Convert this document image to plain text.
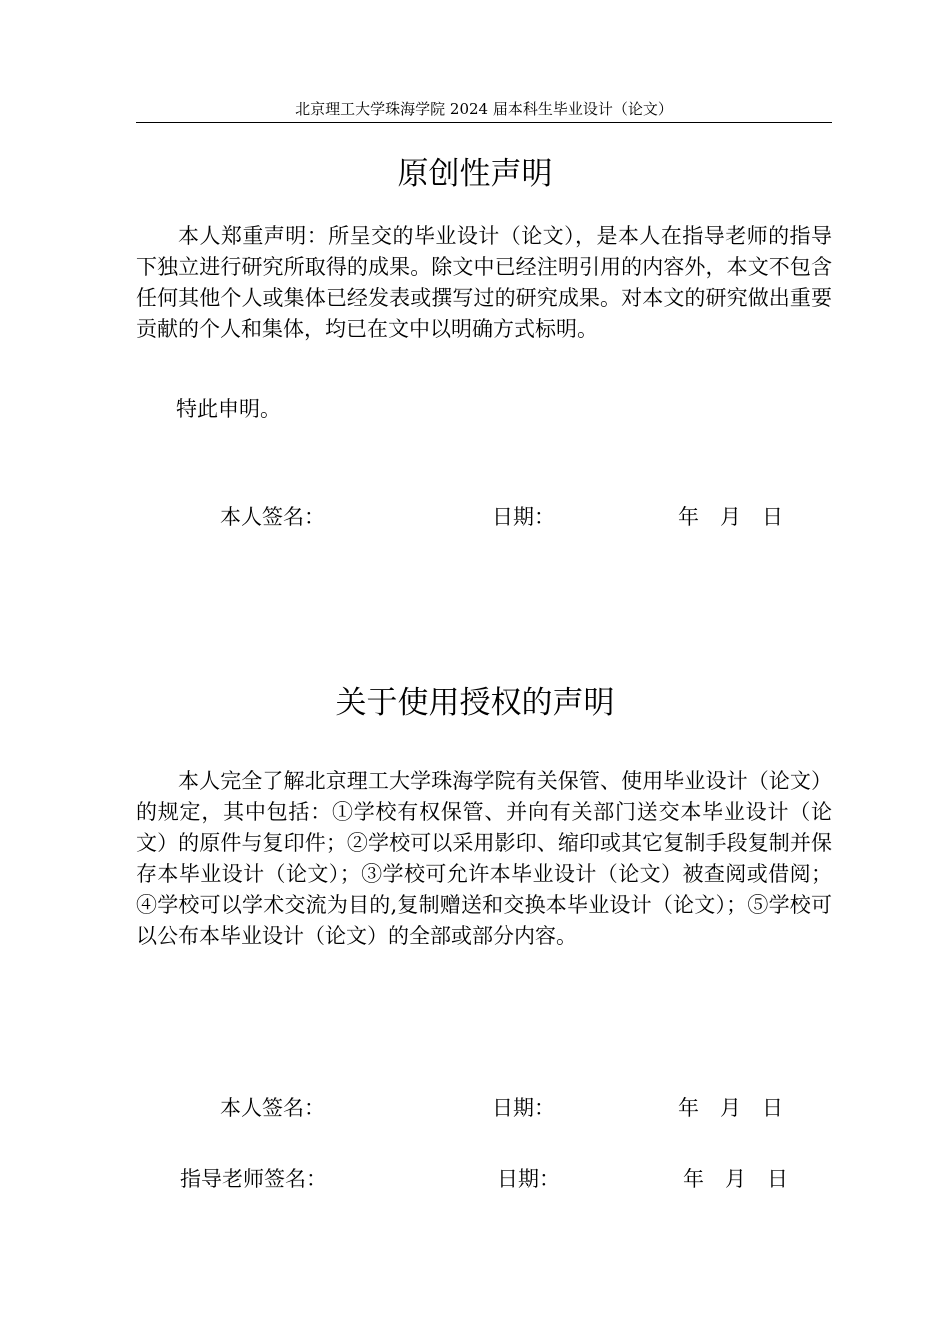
北京理工大学珠海学院 2024 届本科生毕业设计（论文）
原创性声明

本人郑重声明：所呈交的毕业设计（论文），是本人在指导老师的指导下独立进行研究所取得的成果。除文中已经注明引用的内容外，本文不包含任何其他个人或集体已经发表或撰写过的研究成果。对本文的研究做出重要贡献的个人和集体，均已在文中以明确方式标明。

特此申明。
本人签名：	日期：	年　月　日
关于使用授权的声明

本人完全了解北京理工大学珠海学院有关保管、使用毕业设计（论文）的规定，其中包括：①学校有权保管、并向有关部门送交本毕业设计（论文）的原件与复印件；②学校可以采用影印、缩印或其它复制手段复制并保存本毕业设计（论文）；③学校可允许本毕业设计（论文）被查阅或借阅；④学校可以学术交流为目的,复制赠送和交换本毕业设计（论文）；⑤学校可以公布本毕业设计（论文）的全部或部分内容。

本人签名：	日期：	年　月　日
指导老师签名：	日期：	年　月　日
